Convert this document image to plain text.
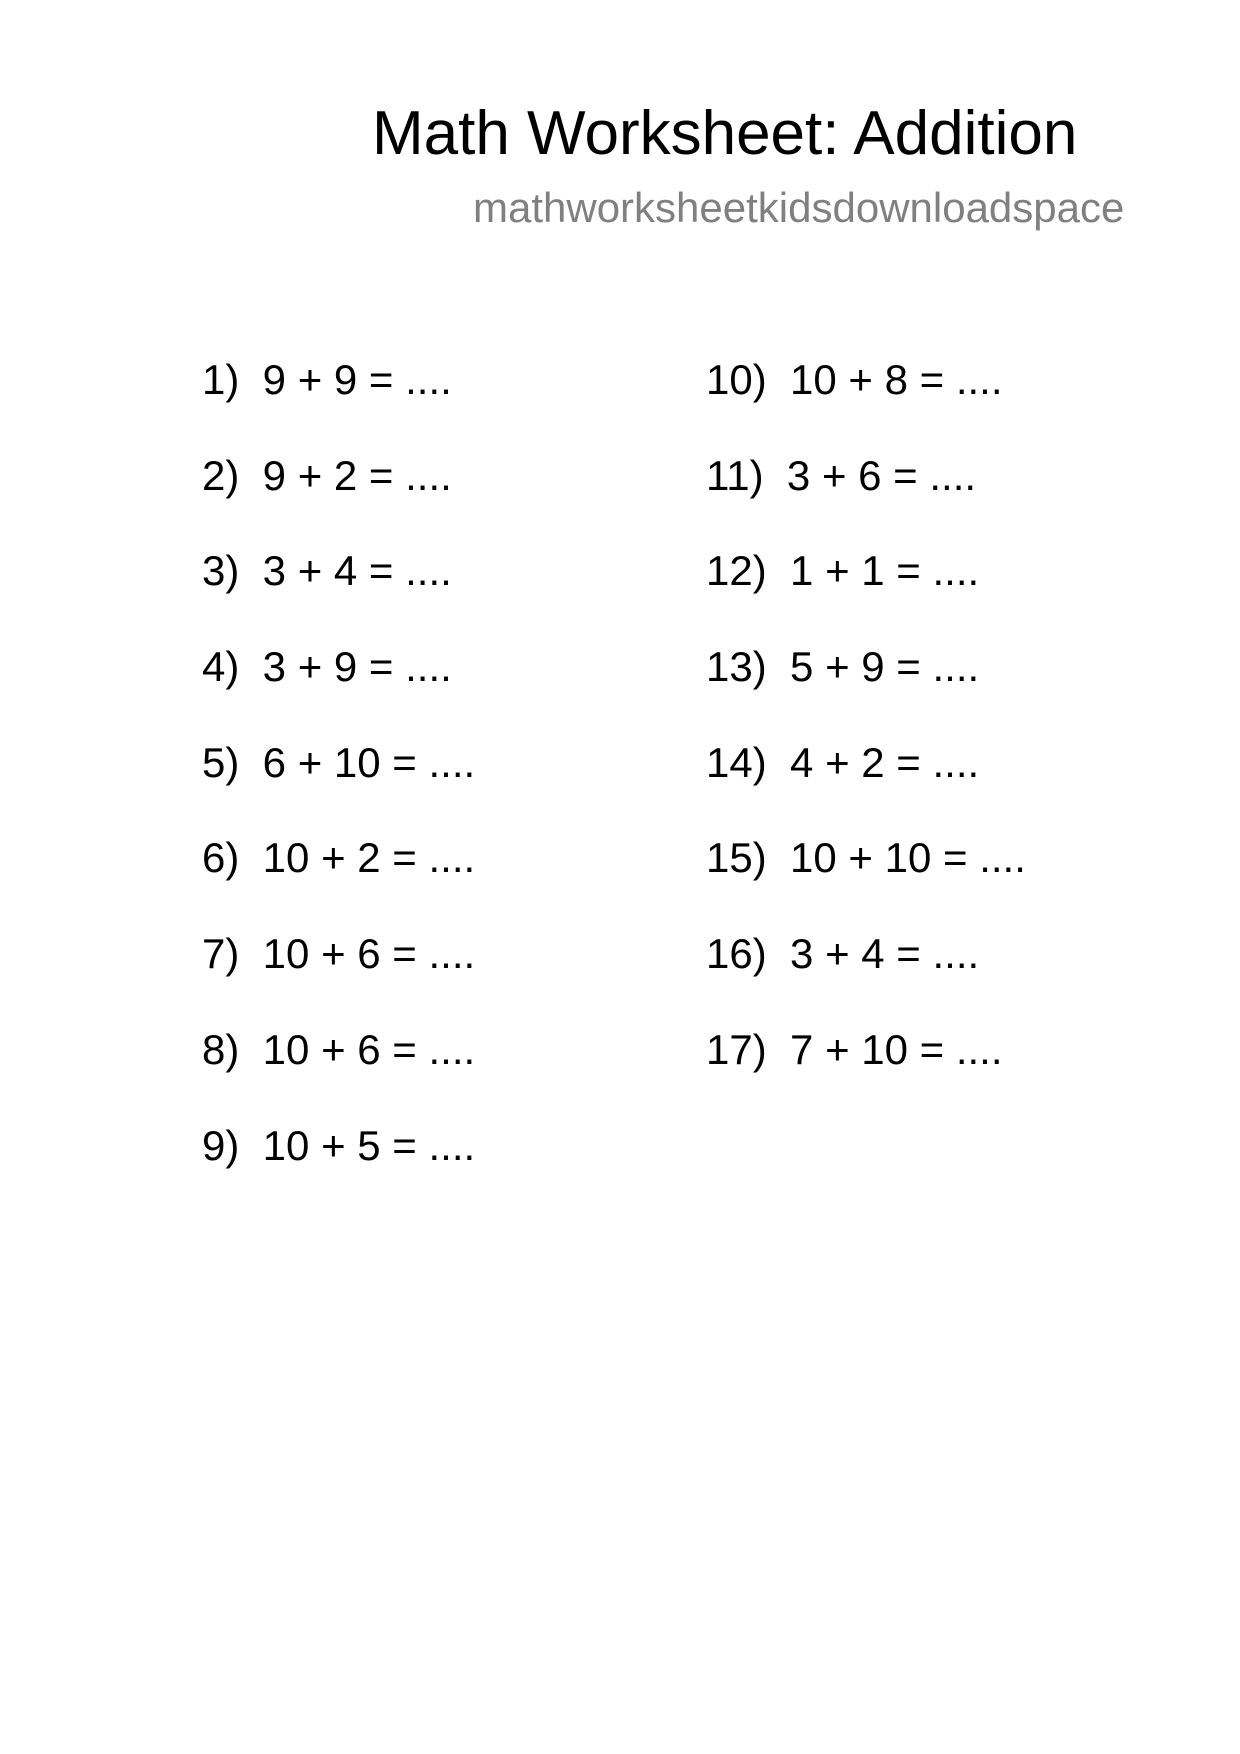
Math Worksheet: Addition
mathworksheetkidsdownloadspace
1)  9 + 9 = ....
2)  9 + 2 = ....
3)  3 + 4 = ....
4)  3 + 9 = ....
5)  6 + 10 = ....
6)  10 + 2 = ....
7)  10 + 6 = ....
8)  10 + 6 = ....
9)  10 + 5 = ....
10)  10 + 8 = ....
11)  3 + 6 = ....
12)  1 + 1 = ....
13)  5 + 9 = ....
14)  4 + 2 = ....
15)  10 + 10 = ....
16)  3 + 4 = ....
17)  7 + 10 = ....
